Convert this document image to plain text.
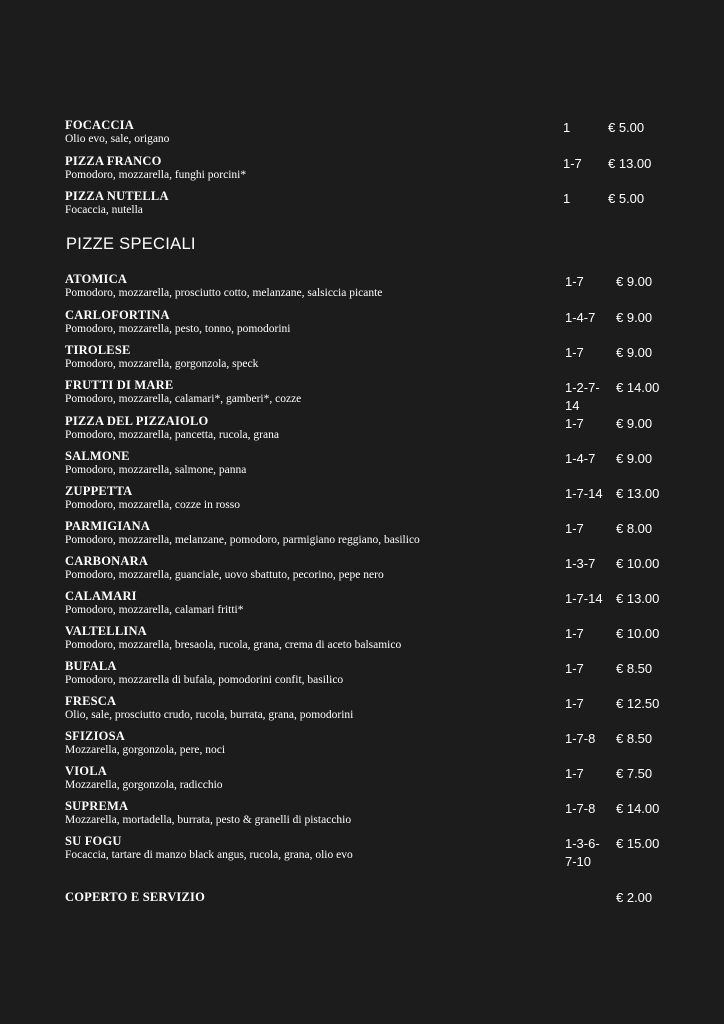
FOCACCIA
Olio evo, sale, origano
1	€ 5.00
PIZZA FRANCO
Pomodoro, mozzarella, funghi porcini*
1-7	€ 13.00
PIZZA NUTELLA
Focaccia, nutella
1	€ 5.00
PIZZE SPECIALI
ATOMICA
Pomodoro, mozzarella, prosciutto cotto, melanzane, salsiccia picante
1-7	€ 9.00
CARLOFORTINA
Pomodoro, mozzarella, pesto, tonno, pomodorini
1-4-7	€ 9.00
TIROLESE
Pomodoro, mozzarella, gorgonzola, speck
1-7	€ 9.00
FRUTTI DI MARE
Pomodoro, mozzarella, calamari*, gamberi*, cozze
1-2-7-14
€ 14.00
PIZZA DEL PIZZAIOLO
Pomodoro, mozzarella, pancetta, rucola, grana
1-7	€ 9.00
SALMONE
Pomodoro, mozzarella, salmone, panna
1-4-7	€ 9.00
ZUPPETTA
Pomodoro, mozzarella, cozze in rosso
1-7-14	€ 13.00
PARMIGIANA
Pomodoro, mozzarella, melanzane, pomodoro, parmigiano reggiano, basilico
1-7	€ 8.00
CARBONARA
Pomodoro, mozzarella, guanciale, uovo sbattuto, pecorino, pepe nero
1-3-7	€ 10.00
CALAMARI
Pomodoro, mozzarella, calamari fritti*
1-7-14	€ 13.00
VALTELLINA
Pomodoro, mozzarella, bresaola, rucola, grana, crema di aceto balsamico
1-7	€ 10.00
BUFALA
Pomodoro, mozzarella di bufala, pomodorini confit, basilico
1-7	€ 8.50
FRESCA
Olio, sale, prosciutto crudo, rucola, burrata, grana, pomodorini
1-7	€ 12.50
SFIZIOSA
Mozzarella, gorgonzola, pere, noci
1-7-8	€ 8.50
VIOLA
Mozzarella, gorgonzola, radicchio
1-7	€ 7.50
SUPREMA
Mozzarella, mortadella, burrata, pesto & granelli di pistacchio
1-7-8	€ 14.00
SU FOGU
Focaccia, tartare di manzo black angus, rucola, grana, olio evo
1-3-6-7-10
€ 15.00
COPERTO E SERVIZIO	€ 2.00
